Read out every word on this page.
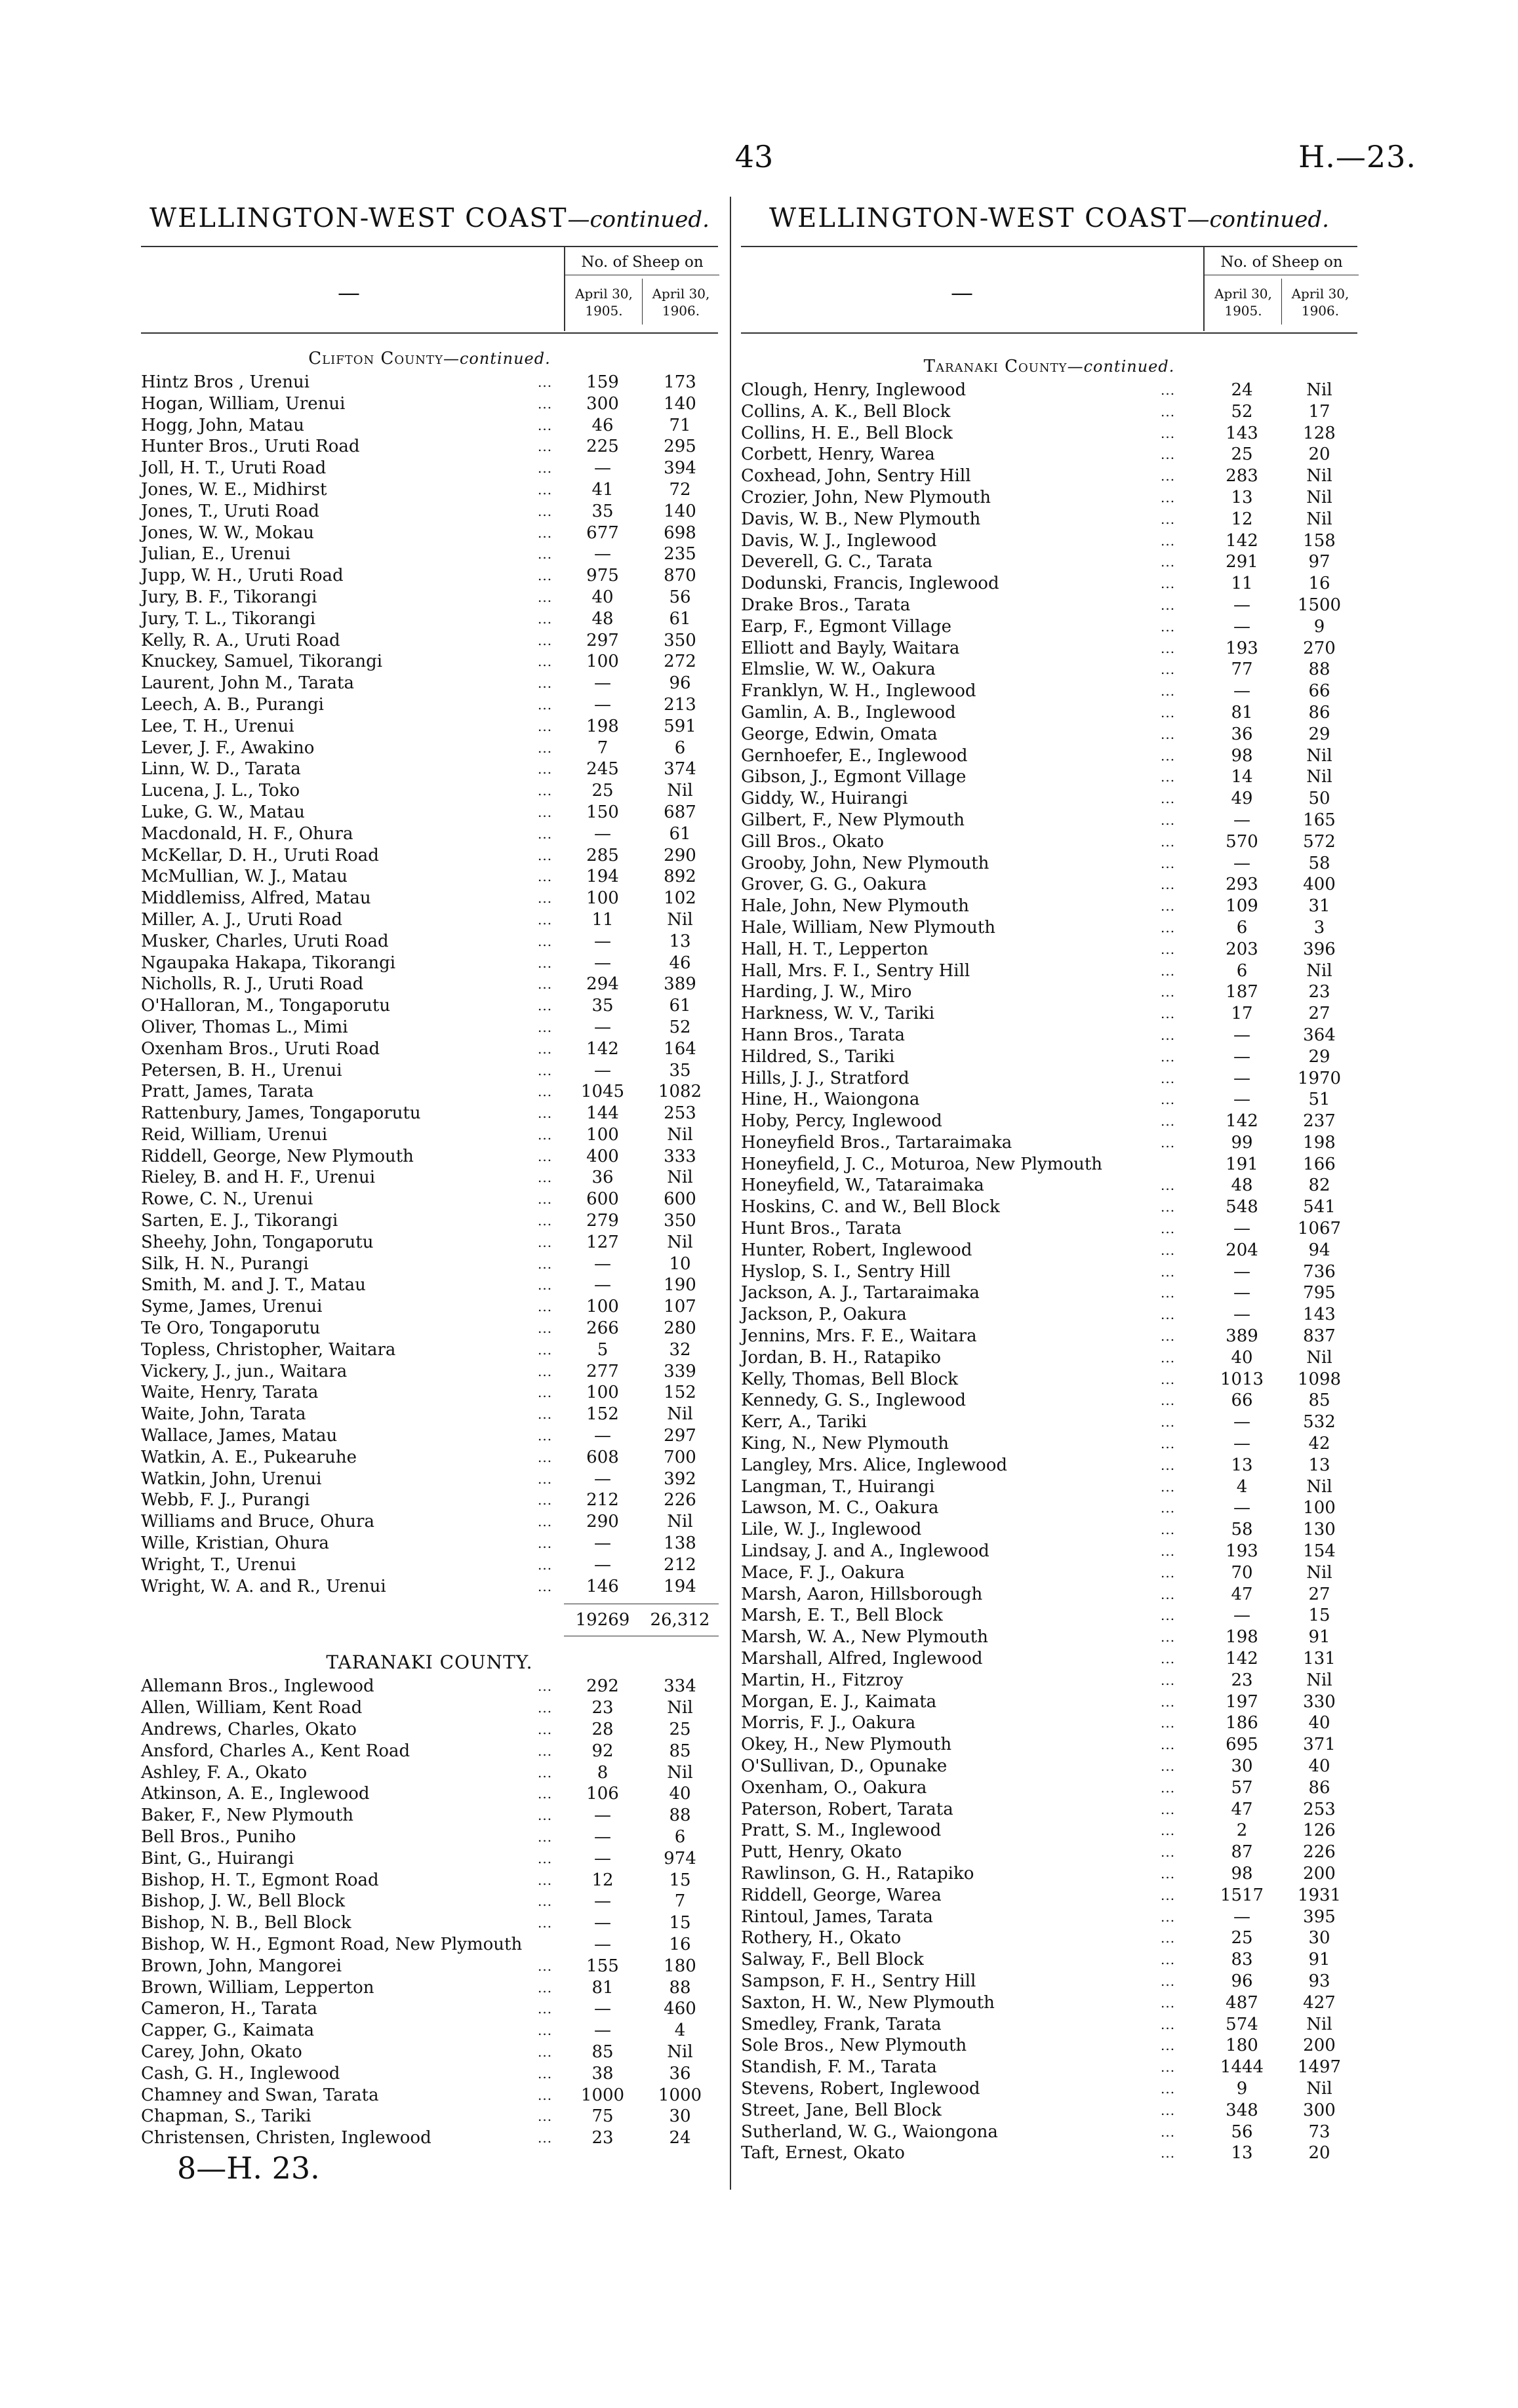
43	H.—23.
WELLINGTON-WEST COAST—continued.
—
No. of Sheep on
April 30,
1905.
April 30,
1906.
Clifton County—continued.
Hintz Bros , Urenui	...	159	173
Hogan, William, Urenui	...	300	140
Hogg, John, Matau	...	46	71
Hunter Bros., Uruti Road	...	225	295
Joll, H. T., Uruti Road	...	—	394
Jones, W. E., Midhirst	...	41	72
Jones, T., Uruti Road	...	35	140
Jones, W. W., Mokau	...	677	698
Julian, E., Urenui	...	—	235
Jupp, W. H., Uruti Road	...	975	870
Jury, B. F., Tikorangi	...	40	56
Jury, T. L., Tikorangi	...	48	61
Kelly, R. A., Uruti Road	...	297	350
Knuckey, Samuel, Tikorangi	...	100	272
Laurent, John M., Tarata	...	—	96
Leech, A. B., Purangi	...	—	213
Lee, T. H., Urenui	...	198	591
Lever, J. F., Awakino	...	7	6
Linn, W. D., Tarata	...	245	374
Lucena, J. L., Toko	...	25	Nil
Luke, G. W., Matau	...	150	687
Macdonald, H. F., Ohura	...	—	61
McKellar, D. H., Uruti Road	...	285	290
McMullian, W. J., Matau	...	194	892
Middlemiss, Alfred, Matau	...	100	102
Miller, A. J., Uruti Road	...	11	Nil
Musker, Charles, Uruti Road	...	—	13
Ngaupaka Hakapa, Tikorangi	...	—	46
Nicholls, R. J., Uruti Road	...	294	389
O'Halloran, M., Tongaporutu	...	35	61
Oliver, Thomas L., Mimi	...	—	52
Oxenham Bros., Uruti Road	...	142	164
Petersen, B. H., Urenui	...	—	35
Pratt, James, Tarata	...	1045	1082
Rattenbury, James, Tongaporutu	...	144	253
Reid, William, Urenui	...	100	Nil
Riddell, George, New Plymouth	...	400	333
Rieley, B. and H. F., Urenui	...	36	Nil
Rowe, C. N., Urenui	...	600	600
Sarten, E. J., Tikorangi	...	279	350
Sheehy, John, Tongaporutu	...	127	Nil
Silk, H. N., Purangi	...	—	10
Smith, M. and J. T., Matau	...	—	190
Syme, James, Urenui	...	100	107
Te Oro, Tongaporutu	...	266	280
Topless, Christopher, Waitara	...	5	32
Vickery, J., jun., Waitara	...	277	339
Waite, Henry, Tarata	...	100	152
Waite, John, Tarata	...	152	Nil
Wallace, James, Matau	...	—	297
Watkin, A. E., Pukearuhe	...	608	700
Watkin, John, Urenui	...	—	392
Webb, F. J., Purangi	...	212	226
Williams and Bruce, Ohura	...	290	Nil
Wille, Kristian, Ohura	...	—	138
Wright, T., Urenui	...	—	212
Wright, W. A. and R., Urenui	...	146	194
19269	26,312
TARANAKI COUNTY.
Allemann Bros., Inglewood	...	292	334
Allen, William, Kent Road	...	23	Nil
Andrews, Charles, Okato	...	28	25
Ansford, Charles A., Kent Road	...	92	85
Ashley, F. A., Okato	...	8	Nil
Atkinson, A. E., Inglewood	...	106	40
Baker, F., New Plymouth	...	—	88
Bell Bros., Puniho	...	—	6
Bint, G., Huirangi	...	—	974
Bishop, H. T., Egmont Road	...	12	15
Bishop, J. W., Bell Block	...	—	7
Bishop, N. B., Bell Block	...	—	15
Bishop, W. H., Egmont Road, New Plymouth	—	16
Brown, John, Mangorei	...	155	180
Brown, William, Lepperton	...	81	88
Cameron, H., Tarata	...	—	460
Capper, G., Kaimata	...	—	4
Carey, John, Okato	...	85	Nil
Cash, G. H., Inglewood	...	38	36
Chamney and Swan, Tarata	...	1000	1000
Chapman, S., Tariki	...	75	30
Christensen, Christen, Inglewood	...	23	24
WELLINGTON-WEST COAST—continued.
—
No. of Sheep on
April 30,
1905.
April 30,
1906.
Taranaki County—continued.
Clough, Henry, Inglewood	...	24	Nil
Collins, A. K., Bell Block	...	52	17
Collins, H. E., Bell Block	...	143	128
Corbett, Henry, Warea	...	25	20
Coxhead, John, Sentry Hill	...	283	Nil
Crozier, John, New Plymouth	...	13	Nil
Davis, W. B., New Plymouth	...	12	Nil
Davis, W. J., Inglewood	...	142	158
Deverell, G. C., Tarata	...	291	97
Dodunski, Francis, Inglewood	...	11	16
Drake Bros., Tarata	...	—	1500
Earp, F., Egmont Village	...	—	9
Elliott and Bayly, Waitara	...	193	270
Elmslie, W. W., Oakura	...	77	88
Franklyn, W. H., Inglewood	...	—	66
Gamlin, A. B., Inglewood	...	81	86
George, Edwin, Omata	...	36	29
Gernhoefer, E., Inglewood	...	98	Nil
Gibson, J., Egmont Village	...	14	Nil
Giddy, W., Huirangi	...	49	50
Gilbert, F., New Plymouth	...	—	165
Gill Bros., Okato	...	570	572
Grooby, John, New Plymouth	...	—	58
Grover, G. G., Oakura	...	293	400
Hale, John, New Plymouth	...	109	31
Hale, William, New Plymouth	...	6	3
Hall, H. T., Lepperton	...	203	396
Hall, Mrs. F. I., Sentry Hill	...	6	Nil
Harding, J. W., Miro	...	187	23
Harkness, W. V., Tariki	...	17	27
Hann Bros., Tarata	...	—	364
Hildred, S., Tariki	...	—	29
Hills, J. J., Stratford	...	—	1970
Hine, H., Waiongona	...	—	51
Hoby, Percy, Inglewood	...	142	237
Honeyfield Bros., Tartaraimaka	...	99	198
Honeyfield, J. C., Moturoa, New Plymouth	191	166
Honeyfield, W., Tataraimaka	...	48	82
Hoskins, C. and W., Bell Block	...	548	541
Hunt Bros., Tarata	...	—	1067
Hunter, Robert, Inglewood	...	204	94
Hyslop, S. I., Sentry Hill	...	—	736
Jackson, A. J., Tartaraimaka	...	—	795
Jackson, P., Oakura	...	—	143
Jennins, Mrs. F. E., Waitara	...	389	837
Jordan, B. H., Ratapiko	...	40	Nil
Kelly, Thomas, Bell Block	...	1013	1098
Kennedy, G. S., Inglewood	...	66	85
Kerr, A., Tariki	...	—	532
King, N., New Plymouth	...	—	42
Langley, Mrs. Alice, Inglewood	...	13	13
Langman, T., Huirangi	...	4	Nil
Lawson, M. C., Oakura	...	—	100
Lile, W. J., Inglewood	...	58	130
Lindsay, J. and A., Inglewood	...	193	154
Mace, F. J., Oakura	...	70	Nil
Marsh, Aaron, Hillsborough	...	47	27
Marsh, E. T., Bell Block	...	—	15
Marsh, W. A., New Plymouth	...	198	91
Marshall, Alfred, Inglewood	...	142	131
Martin, H., Fitzroy	...	23	Nil
Morgan, E. J., Kaimata	...	197	330
Morris, F. J., Oakura	...	186	40
Okey, H., New Plymouth	...	695	371
O'Sullivan, D., Opunake	...	30	40
Oxenham, O., Oakura	...	57	86
Paterson, Robert, Tarata	...	47	253
Pratt, S. M., Inglewood	...	2	126
Putt, Henry, Okato	...	87	226
Rawlinson, G. H., Ratapiko	...	98	200
Riddell, George, Warea	...	1517	1931
Rintoul, James, Tarata	...	—	395
Rothery, H., Okato	...	25	30
Salway, F., Bell Block	...	83	91
Sampson, F. H., Sentry Hill	...	96	93
Saxton, H. W., New Plymouth	...	487	427
Smedley, Frank, Tarata	...	574	Nil
Sole Bros., New Plymouth	...	180	200
Standish, F. M., Tarata	...	1444	1497
Stevens, Robert, Inglewood	...	9	Nil
Street, Jane, Bell Block	...	348	300
Sutherland, W. G., Waiongona	...	56	73
Taft, Ernest, Okato	...	13	20
8—H. 23.
